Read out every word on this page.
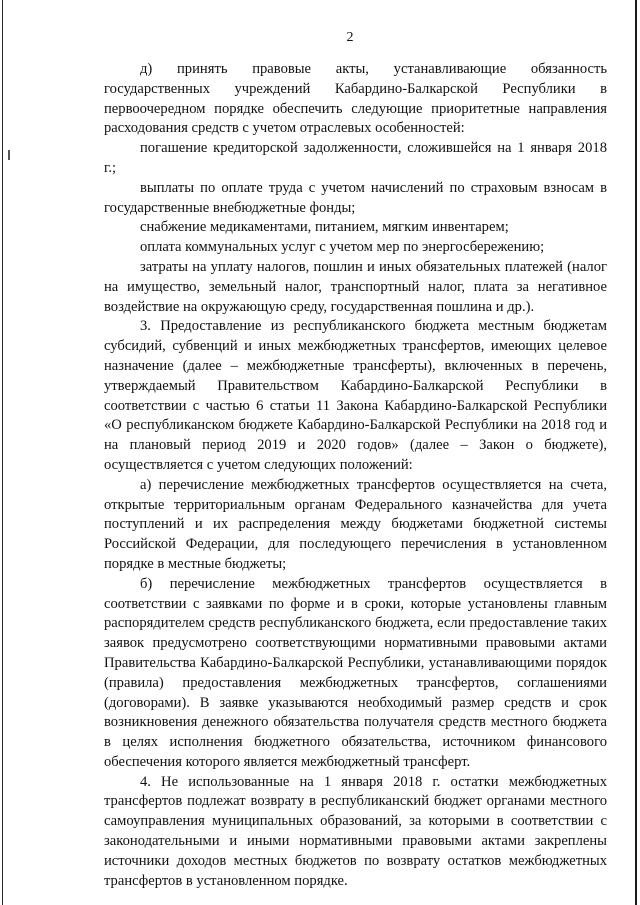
2

д) принять правовые акты, устанавливающие обязанность государственных учреждений Кабардино-Балкарской Республики в первоочередном порядке обеспечить следующие приоритетные направления расходования средств с учетом отраслевых особенностей:

погашение кредиторской задолженности, сложившейся на 1 января 2018 г.;

выплаты по оплате труда с учетом начислений по страховым взносам в государственные внебюджетные фонды;

снабжение медикаментами, питанием, мягким инвентарем;

оплата коммунальных услуг с учетом мер по энергосбережению;

затраты на уплату налогов, пошлин и иных обязательных платежей (налог на имущество, земельный налог, транспортный налог, плата за негативное воздействие на окружающую среду, государственная пошлина и др.).

3. Предоставление из республиканского бюджета местным бюджетам субсидий, субвенций и иных межбюджетных трансфертов, имеющих целевое назначение (далее – межбюджетные трансферты), включенных в перечень, утверждаемый Правительством Кабардино-Балкарской Республики в соответствии с частью 6 статьи 11 Закона Кабардино-Балкарской Республики «О республиканском бюджете Кабардино-Балкарской Республики на 2018 год и на плановый период 2019 и 2020 годов» (далее – Закон о бюджете), осуществляется с учетом следующих положений:

а) перечисление межбюджетных трансфертов осуществляется на счета, открытые территориальным органам Федерального казначейства для учета поступлений и их распределения между бюджетами бюджетной системы Российской Федерации, для последующего перечисления в установленном порядке в местные бюджеты;

б) перечисление межбюджетных трансфертов осуществляется в соответствии с заявками по форме и в сроки, которые установлены главным распорядителем средств республиканского бюджета, если предоставление таких заявок предусмотрено соответствующими нормативными правовыми актами Правительства Кабардино-Балкарской Республики, устанавливающими порядок (правила) предоставления межбюджетных трансфертов, соглашениями (договорами). В заявке указываются необходимый размер средств и срок возникновения денежного обязательства получателя средств местного бюджета в целях исполнения бюджетного обязательства, источником финансового обеспечения которого является межбюджетный трансферт.

4. Не использованные на 1 января 2018 г. остатки межбюджетных трансфертов подлежат возврату в республиканский бюджет органами местного самоуправления муниципальных образований, за которыми в соответствии с законодательными и иными нормативными правовыми актами закреплены источники доходов местных бюджетов по возврату остатков межбюджетных трансфертов в установленном порядке.
